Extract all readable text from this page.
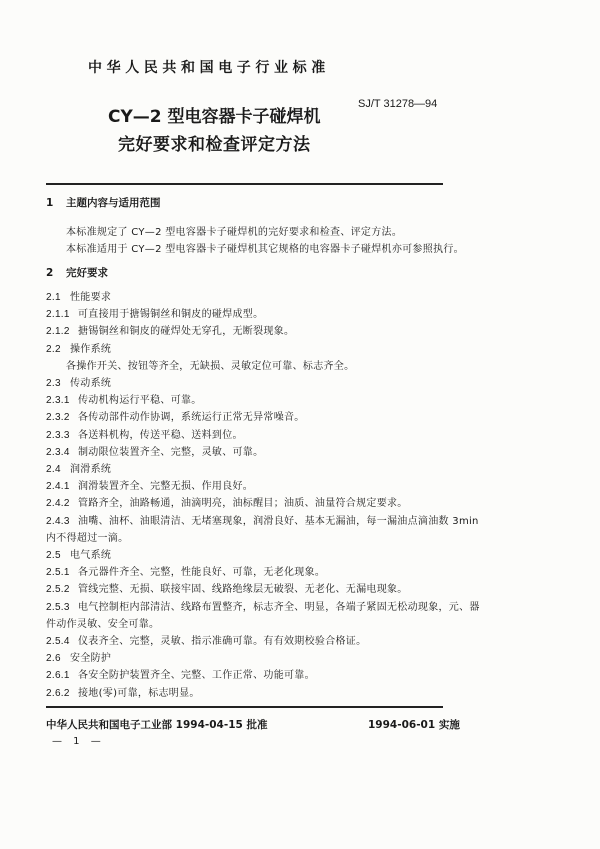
中华人民共和国电子行业标准
SJ/T 31278—94
CY—2 型电容器卡子碰焊机
完好要求和检查评定方法
1 主题内容与适用范围
本标准规定了 CY—2 型电容器卡子碰焊机的完好要求和检查、评定方法。
本标准适用于 CY—2 型电容器卡子碰焊机其它规格的电容器卡子碰焊机亦可参照执行。
2 完好要求
2.1 性能要求
2.1.1 可直接用于搪锡铜丝和铜皮的碰焊成型。
2.1.2 搪锡铜丝和铜皮的碰焊处无穿孔，无断裂现象。
2.2 操作系统
各操作开关、按钮等齐全，无缺损、灵敏定位可靠、标志齐全。
2.3 传动系统
2.3.1 传动机构运行平稳、可靠。
2.3.2 各传动部件动作协调，系统运行正常无异常噪音。
2.3.3 各送料机构，传送平稳、送料到位。
2.3.4 制动限位装置齐全、完整，灵敏、可靠。
2.4 润滑系统
2.4.1 润滑装置齐全、完整无损、作用良好。
2.4.2 管路齐全，油路畅通，油滴明亮，油标醒目；油质、油量符合规定要求。
2.4.3 油嘴、油杯、油眼清洁、无堵塞现象，润滑良好、基本无漏油，每一漏油点滴油数 3min
内不得超过一滴。
2.5 电气系统
2.5.1 各元器件齐全、完整，性能良好、可靠，无老化现象。
2.5.2 管线完整、无损、联接牢固、线路绝缘层无破裂、无老化、无漏电现象。
2.5.3 电气控制柜内部清洁、线路布置整齐，标志齐全、明显，各端子紧固无松动现象，元、器
件动作灵敏、安全可靠。
2.5.4 仪表齐全、完整，灵敏、指示准确可靠。有有效期校验合格证。
2.6 安全防护
2.6.1 各安全防护装置齐全、完整、工作正常、功能可靠。
2.6.2 接地(零)可靠，标志明显。
中华人民共和国电子工业部 1994-04-15 批准	1994-06-01 实施
— 1 —
